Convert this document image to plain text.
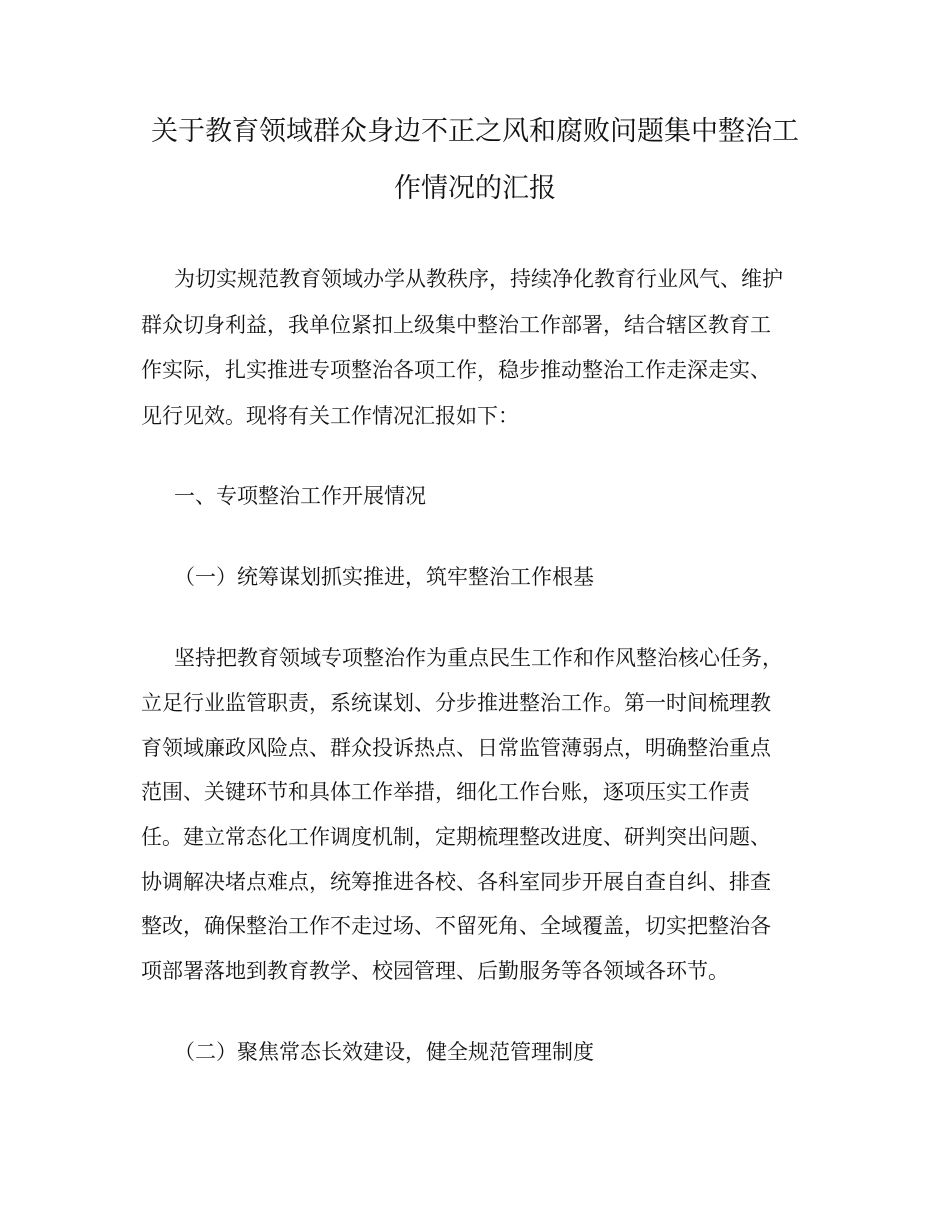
关于教育领域群众身边不正之风和腐败问题集中整治工
作情况的汇报
为切实规范教育领域办学从教秩序，持续净化教育行业风气、维护
群众切身利益，我单位紧扣上级集中整治工作部署，结合辖区教育工
作实际，扎实推进专项整治各项工作，稳步推动整治工作走深走实、
见行见效。现将有关工作情况汇报如下：
一、专项整治工作开展情况
（一）统筹谋划抓实推进，筑牢整治工作根基
坚持把教育领域专项整治作为重点民生工作和作风整治核心任务，
立足行业监管职责，系统谋划、分步推进整治工作。第一时间梳理教
育领域廉政风险点、群众投诉热点、日常监管薄弱点，明确整治重点
范围、关键环节和具体工作举措，细化工作台账，逐项压实工作责
任。建立常态化工作调度机制，定期梳理整改进度、研判突出问题、
协调解决堵点难点，统筹推进各校、各科室同步开展自查自纠、排查
整改，确保整治工作不走过场、不留死角、全域覆盖，切实把整治各
项部署落地到教育教学、校园管理、后勤服务等各领域各环节。
（二）聚焦常态长效建设，健全规范管理制度
